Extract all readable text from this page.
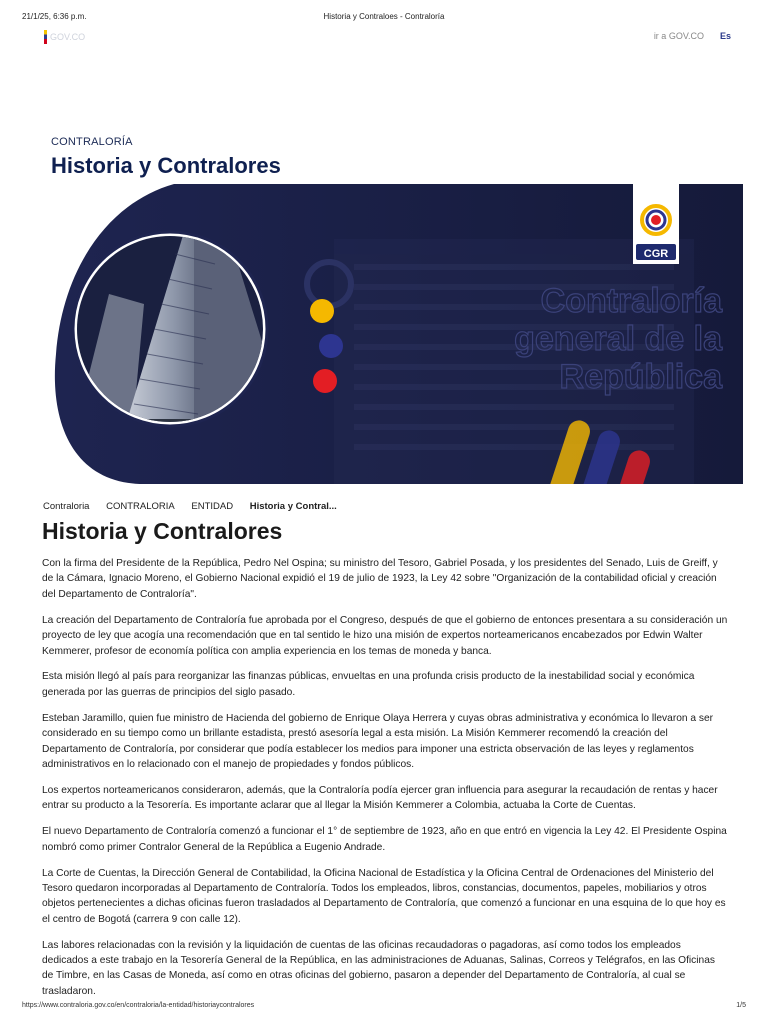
21/1/25, 6:36 p.m.	Historia y Contraloes - Contraloría
GOV.CO	ir a GOV.CO Es
CONTRALORÍA
Historia y Contralores
Contraloría
general de la
República
CGR
Contraloria CONTRALORIA ENTIDAD Historia y Contral...
Historia y Contralores

Con la firma del Presidente de la República, Pedro Nel Ospina; su ministro del Tesoro, Gabriel Posada, y los presidentes del Senado, Luis de Greiff, y de la Cámara, Ignacio Moreno, el Gobierno Nacional expidió el 19 de julio de 1923, la Ley 42 sobre "Organización de la contabilidad oficial y creación del Departamento de Contraloría".

La creación del Departamento de Contraloría fue aprobada por el Congreso, después de que el gobierno de entonces presentara a su consideración un proyecto de ley que acogía una recomendación que en tal sentido le hizo una misión de expertos norteamericanos encabezados por Edwin Walter Kemmerer, profesor de economía política con amplia experiencia en los temas de moneda y banca.

Esta misión llegó al país para reorganizar las finanzas públicas, envueltas en una profunda crisis producto de la inestabilidad social y económica generada por las guerras de principios del siglo pasado.

Esteban Jaramillo, quien fue ministro de Hacienda del gobierno de Enrique Olaya Herrera y cuyas obras administrativa y económica lo llevaron a ser considerado en su tiempo como un brillante estadista, prestó asesoría legal a esta misión. La Misión Kemmerer recomendó la creación del Departamento de Contraloría, por considerar que podía establecer los medios para imponer una estricta observación de las leyes y reglamentos administrativos en lo relacionado con el manejo de propiedades y fondos públicos.

Los expertos norteamericanos consideraron, además, que la Contraloría podía ejercer gran influencia para asegurar la recaudación de rentas y hacer entrar su producto a la Tesorería. Es importante aclarar que al llegar la Misión Kemmerer a Colombia, actuaba la Corte de Cuentas.

El nuevo Departamento de Contraloría comenzó a funcionar el 1° de septiembre de 1923, año en que entró en vigencia la Ley 42. El Presidente Ospina nombró como primer Contralor General de la República a Eugenio Andrade.

La Corte de Cuentas, la Dirección General de Contabilidad, la Oficina Nacional de Estadística y la Oficina Central de Ordenaciones del Ministerio del Tesoro quedaron incorporadas al Departamento de Contraloría. Todos los empleados, libros, constancias, documentos, papeles, mobiliarios y otros objetos pertenecientes a dichas oficinas fueron trasladados al Departamento de Contraloría, que comenzó a funcionar en una esquina de lo que hoy es el centro de Bogotá (carrera 9 con calle 12).

Las labores relacionadas con la revisión y la liquidación de cuentas de las oficinas recaudadoras o pagadoras, así como todos los empleados dedicados a este trabajo en la Tesorería General de la República, en las administraciones de Aduanas, Salinas, Correos y Telégrafos, en las Oficinas de Timbre, en las Casas de Moneda, así como en otras oficinas del gobierno, pasaron a depender del Departamento de Contraloría, al cual se trasladaron.

https://www.contraloria.gov.co/en/contraloria/la-entidad/historiaycontralores	1/5
